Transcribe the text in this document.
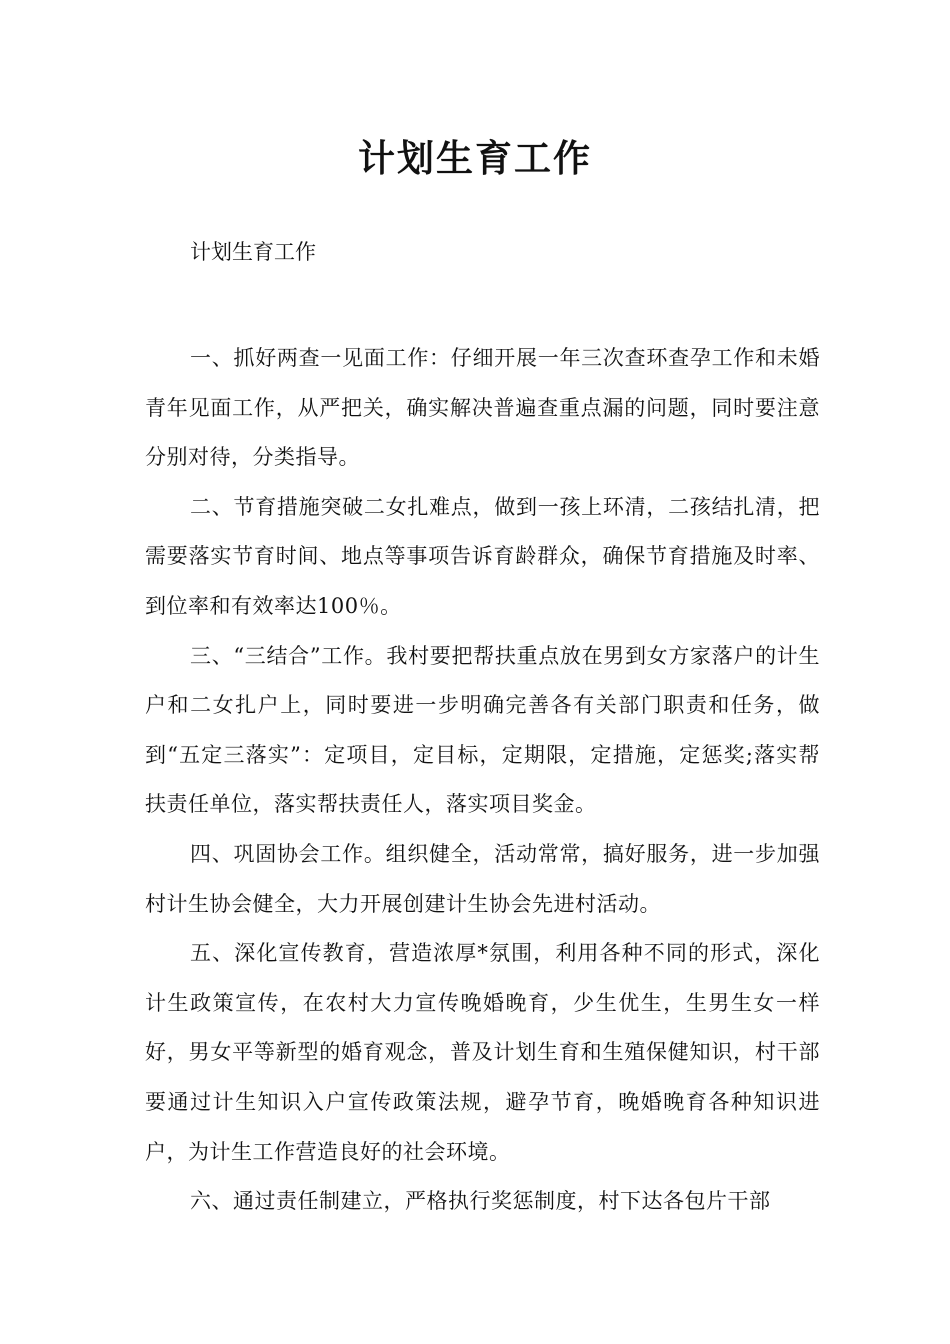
计划生育工作
计划生育工作

一、抓好两查一见面工作：仔细开展一年三次查环查孕工作和未婚青年见面工作，从严把关，确实解决普遍查重点漏的问题，同时要注意分别对待，分类指导。

二、节育措施突破二女扎难点，做到一孩上环清，二孩结扎清，把需要落实节育时间、地点等事项告诉育龄群众，确保节育措施及时率、到位率和有效率达100％。

三、“三结合”工作。我村要把帮扶重点放在男到女方家落户的计生户和二女扎户上，同时要进一步明确完善各有关部门职责和任务，做到“五定三落实”：定项目，定目标，定期限，定措施，定惩奖;落实帮扶责任单位，落实帮扶责任人，落实项目奖金。

四、巩固协会工作。组织健全，活动常常，搞好服务，进一步加强村计生协会健全，大力开展创建计生协会先进村活动。

五、深化宣传教育，营造浓厚*氛围，利用各种不同的形式，深化计生政策宣传，在农村大力宣传晚婚晚育，少生优生，生男生女一样好，男女平等新型的婚育观念，普及计划生育和生殖保健知识，村干部要通过计生知识入户宣传政策法规，避孕节育，晚婚晚育各种知识进户，为计生工作营造良好的社会环境。

六、通过责任制建立，严格执行奖惩制度，村下达各包片干部
